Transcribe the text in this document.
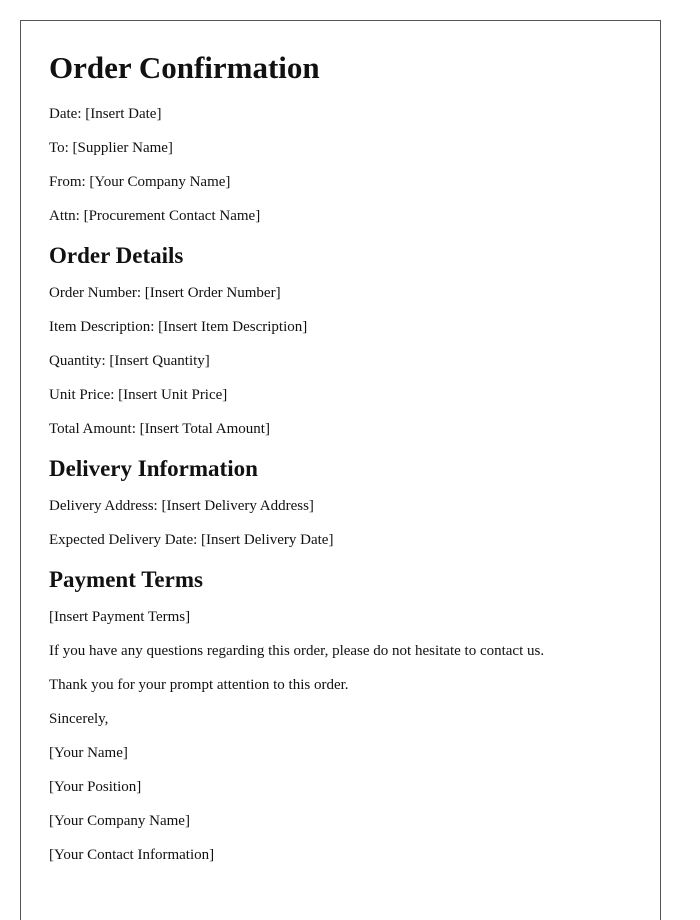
Order Confirmation

Date: [Insert Date]

To: [Supplier Name]

From: [Your Company Name]

Attn: [Procurement Contact Name]

Order Details

Order Number: [Insert Order Number]

Item Description: [Insert Item Description]

Quantity: [Insert Quantity]

Unit Price: [Insert Unit Price]

Total Amount: [Insert Total Amount]

Delivery Information

Delivery Address: [Insert Delivery Address]

Expected Delivery Date: [Insert Delivery Date]

Payment Terms

[Insert Payment Terms]

If you have any questions regarding this order, please do not hesitate to contact us.

Thank you for your prompt attention to this order.

Sincerely,

[Your Name]

[Your Position]

[Your Company Name]

[Your Contact Information]
